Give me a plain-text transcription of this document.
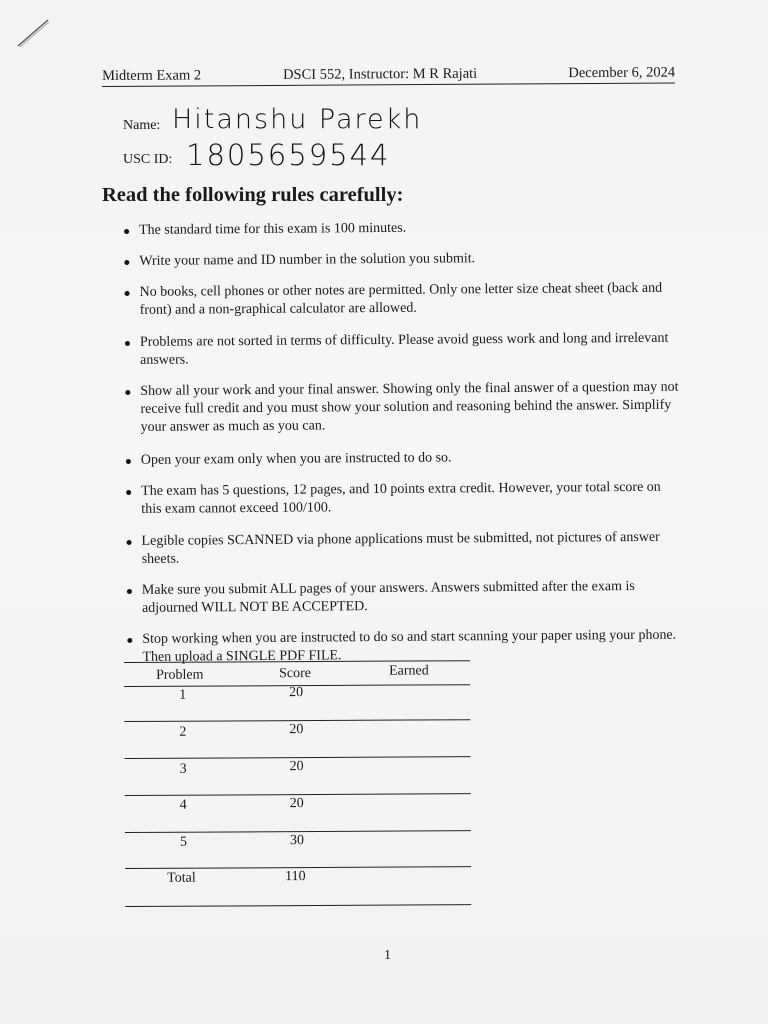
Midterm Exam 2	DSCI 552, Instructor: M R Rajati	December 6, 2024
Name: Hitanshu Parekh
USC ID: 1805659544
Read the following rules carefully:
The standard time for this exam is 100 minutes.
Write your name and ID number in the solution you submit.
No books, cell phones or other notes are permitted. Only one letter size cheat sheet (back and front) and a non-graphical calculator are allowed.
Problems are not sorted in terms of difficulty. Please avoid guess work and long and irrelevant answers.
Show all your work and your final answer. Showing only the final answer of a question may not receive full credit and you must show your solution and reasoning behind the answer. Simplify your answer as much as you can.
Open your exam only when you are instructed to do so.
The exam has 5 questions, 12 pages, and 10 points extra credit. However, your total score on this exam cannot exceed 100/100.
Legible copies SCANNED via phone applications must be submitted, not pictures of answer sheets.
Make sure you submit ALL pages of your answers. Answers submitted after the exam is adjourned WILL NOT BE ACCEPTED.
Stop working when you are instructed to do so and start scanning your paper using your phone. Then upload a SINGLE PDF FILE.
Problem	Score	Earned
1	20
2	20
3	20
4	20
5	30
Total	110
1
